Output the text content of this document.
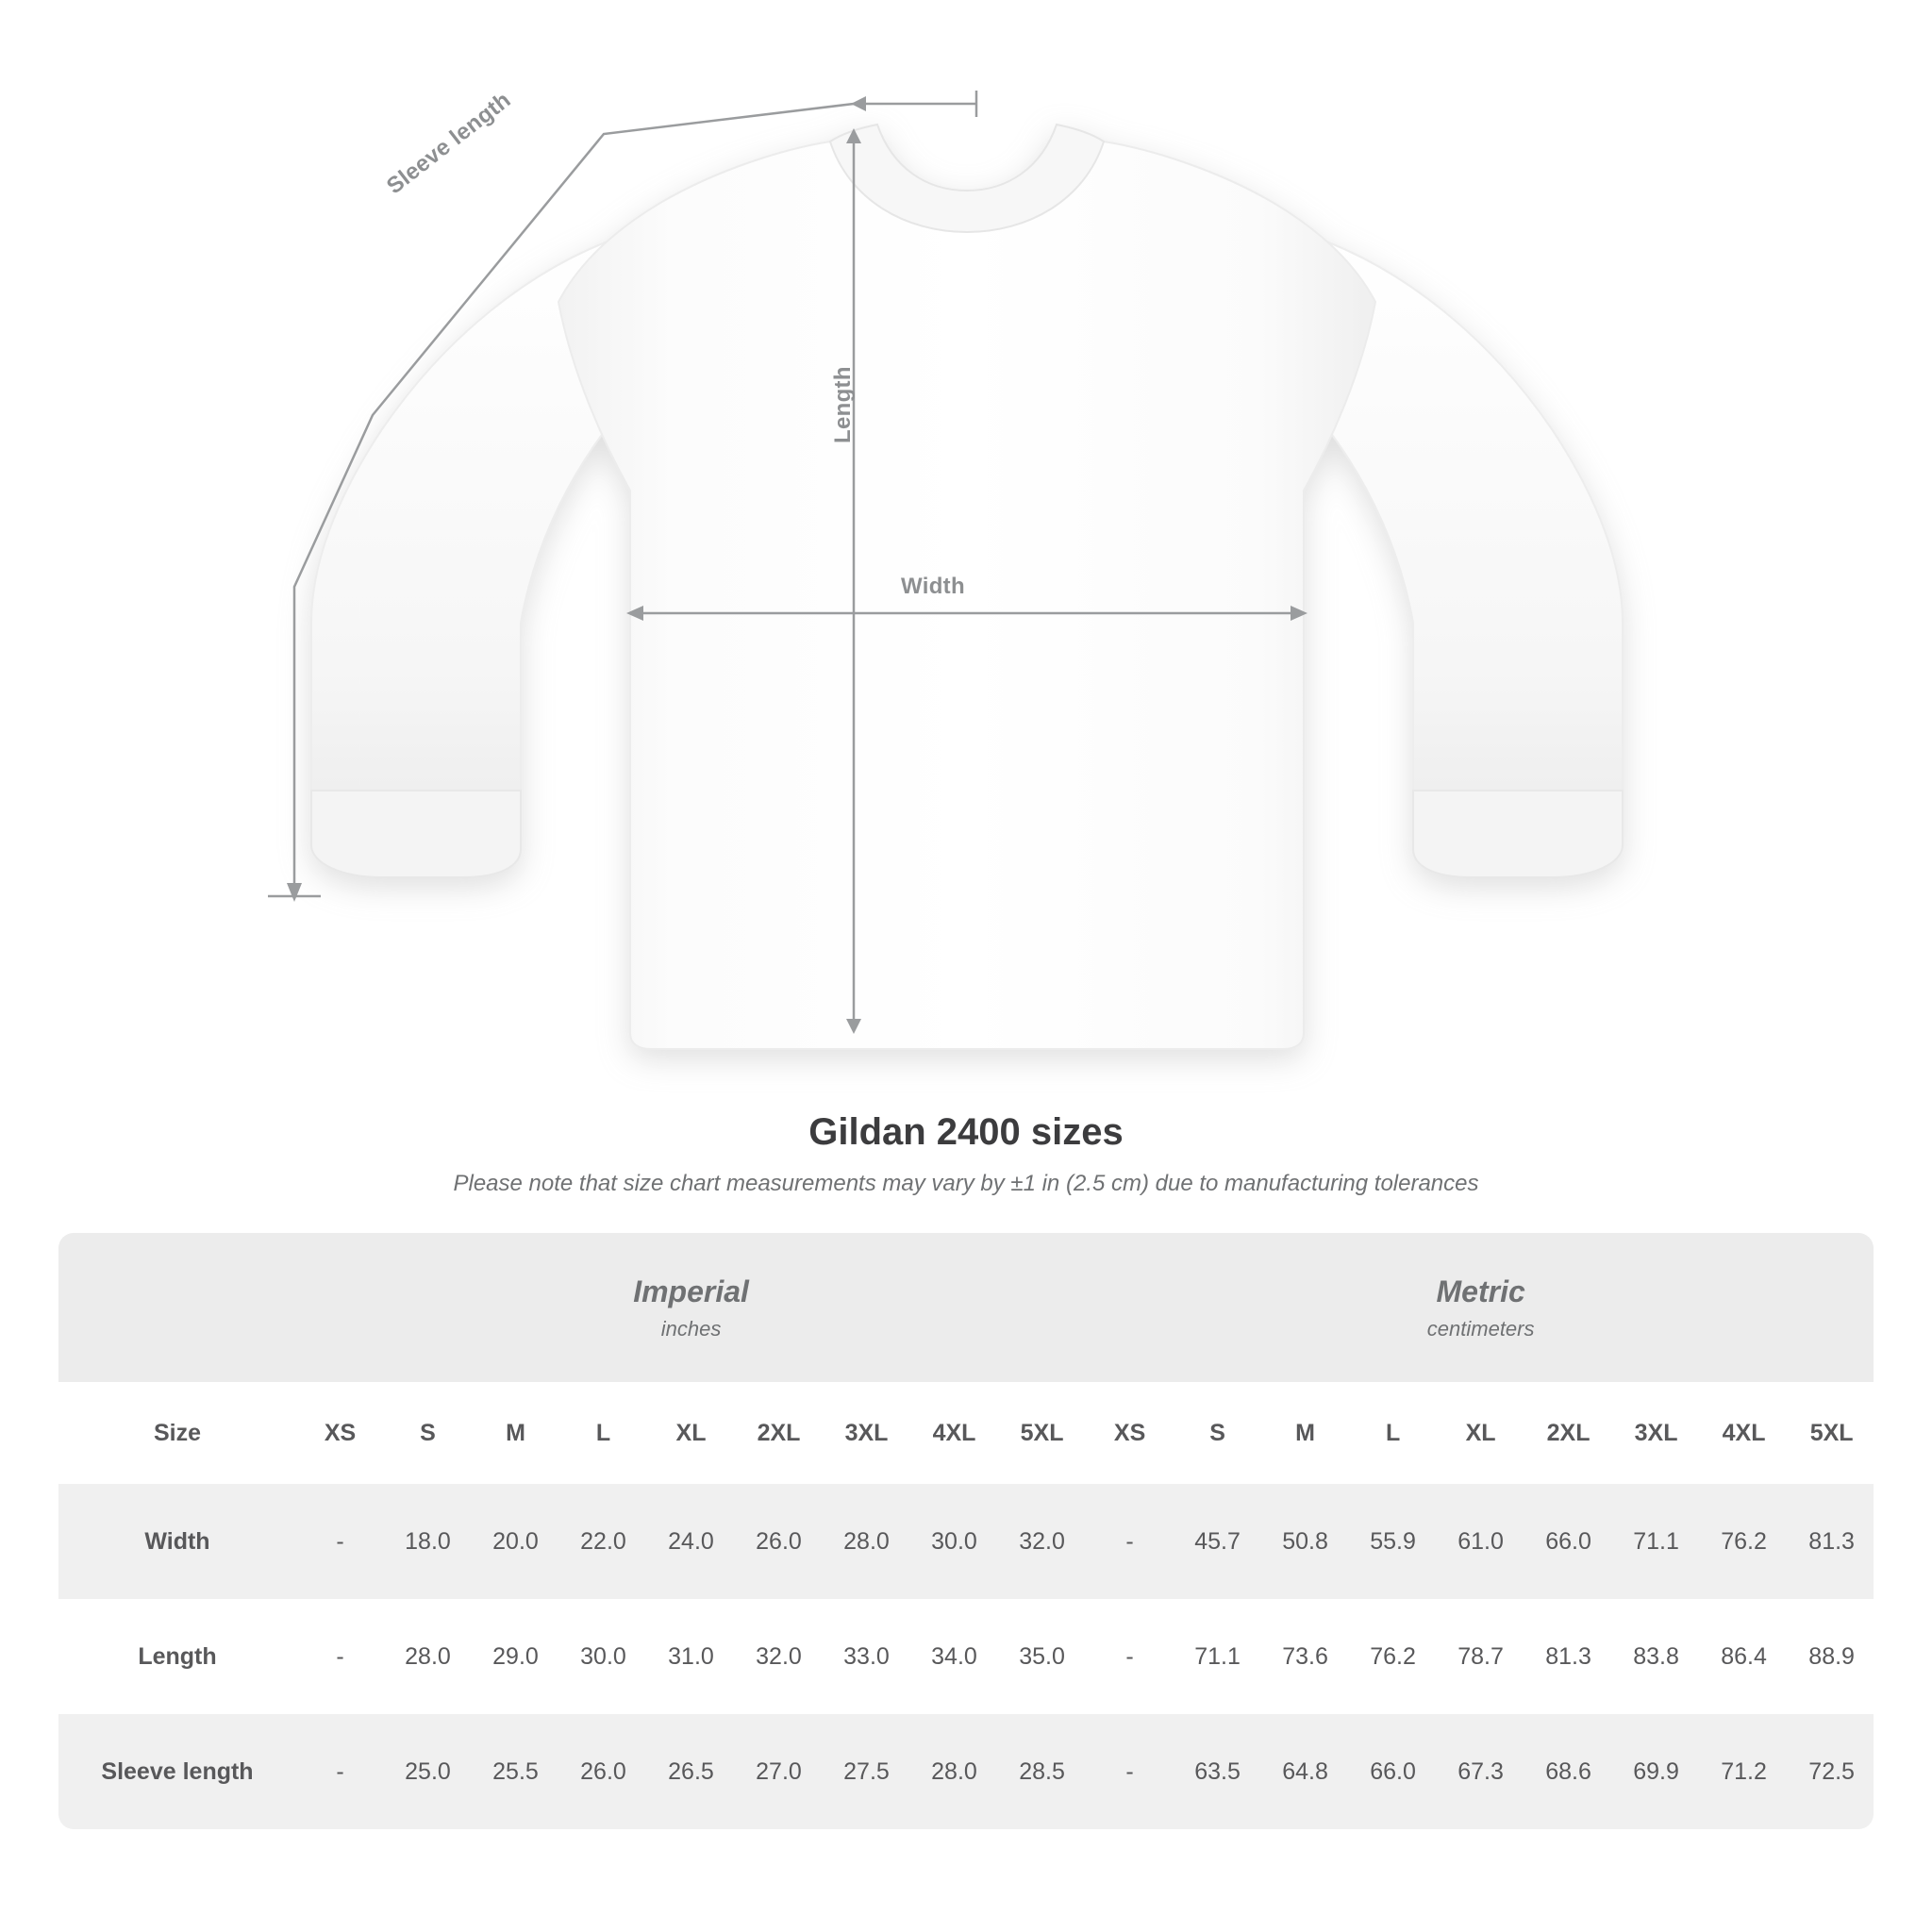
Width
Length
Sleeve length
Gildan 2400 sizes

Please note that size chart measurements may vary by ±1 in (2.5 cm) due to manufacturing tolerances

	Imperial
inches									Metric
centimeters								

Size	XS	S	M	L	XL	2XL	3XL	4XL	5XL	XS	S	M	L	XL	2XL	3XL	4XL	5XL
Width	-	18.0	20.0	22.0	24.0	26.0	28.0	30.0	32.0	-	45.7	50.8	55.9	61.0	66.0	71.1	76.2	81.3
Length	-	28.0	29.0	30.0	31.0	32.0	33.0	34.0	35.0	-	71.1	73.6	76.2	78.7	81.3	83.8	86.4	88.9
Sleeve length	-	25.0	25.5	26.0	26.5	27.0	27.5	28.0	28.5	-	63.5	64.8	66.0	67.3	68.6	69.9	71.2	72.5
